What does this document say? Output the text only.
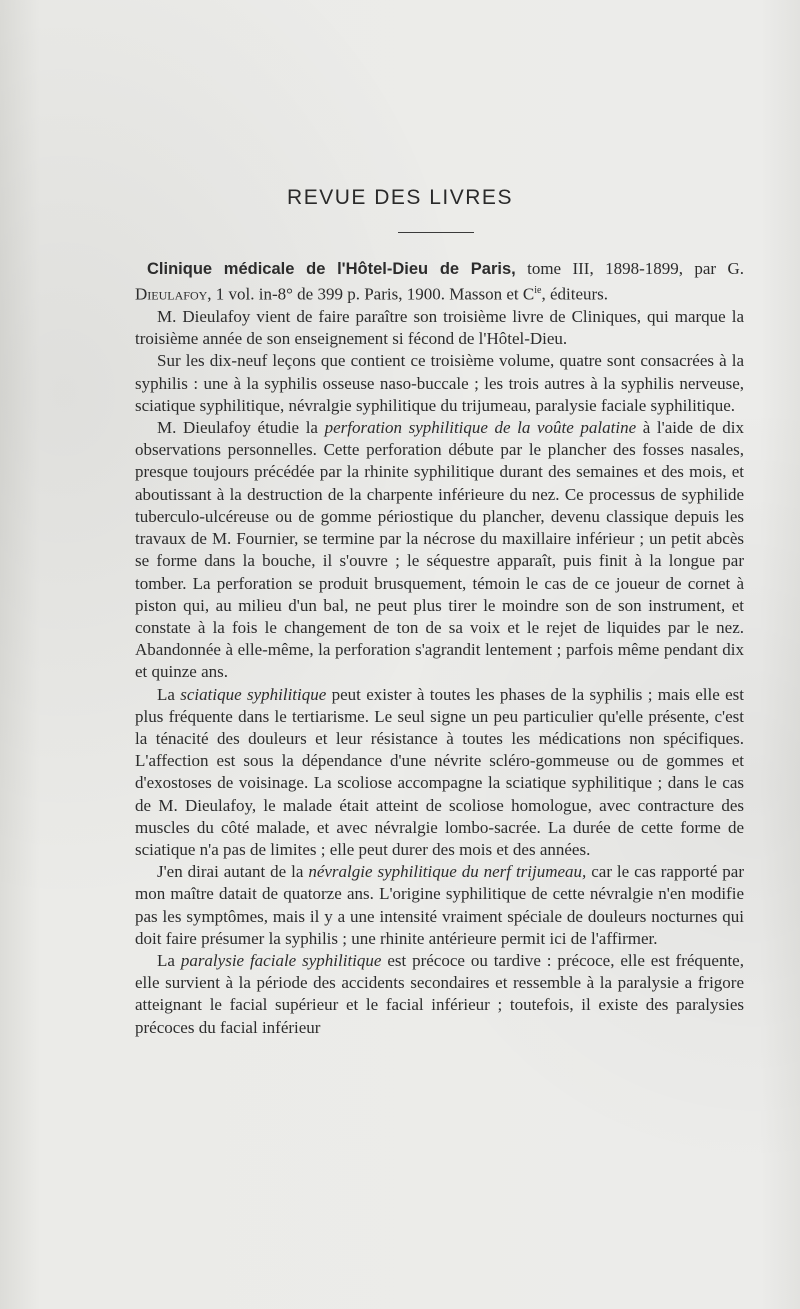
REVUE DES LIVRES

Clinique médicale de l'Hôtel-Dieu de Paris, tome III, 1898-1899, par G. Dieulafoy, 1 vol. in-8° de 399 p. Paris, 1900. Masson et $C^{ie}$, éditeurs.

M. Dieulafoy vient de faire paraître son troisième livre de Cliniques, qui marque la troisième année de son enseignement si fécond de l'Hôtel-Dieu.

Sur les dix-neuf leçons que contient ce troisième volume, quatre sont consacrées à la syphilis : une à la syphilis osseuse naso-buccale ; les trois autres à la syphilis nerveuse, sciatique syphilitique, névralgie syphilitique du trijumeau, paralysie faciale syphilitique.

M. Dieulafoy étudie la perforation syphilitique de la voûte palatine à l'aide de dix observations personnelles. Cette perforation débute par le plancher des fosses nasales, presque toujours précédée par la rhinite syphilitique durant des semaines et des mois, et aboutissant à la destruction de la charpente inférieure du nez. Ce processus de syphilide tuberculo-ulcéreuse ou de gomme périostique du plancher, devenu classique depuis les travaux de M. Fournier, se termine par la nécrose du maxillaire inférieur ; un petit abcès se forme dans la bouche, il s'ouvre ; le séquestre apparaît, puis finit à la longue par tomber. La perforation se produit brusquement, témoin le cas de ce joueur de cornet à piston qui, au milieu d'un bal, ne peut plus tirer le moindre son de son instrument, et constate à la fois le changement de ton de sa voix et le rejet de liquides par le nez. Abandonnée à elle-même, la perforation s'agrandit lentement ; parfois même pendant dix et quinze ans.

La sciatique syphilitique peut exister à toutes les phases de la syphilis ; mais elle est plus fréquente dans le tertiarisme. Le seul signe un peu particulier qu'elle présente, c'est la ténacité des douleurs et leur résistance à toutes les médications non spécifiques. L'affection est sous la dépendance d'une névrite scléro-gommeuse ou de gommes et d'exostoses de voisinage. La scoliose accompagne la sciatique syphilitique ; dans le cas de M. Dieulafoy, le malade était atteint de scoliose homologue, avec contracture des muscles du côté malade, et avec névralgie lombo-sacrée. La durée de cette forme de sciatique n'a pas de limites ; elle peut durer des mois et des années.

J'en dirai autant de la névralgie syphilitique du nerf trijumeau, car le cas rapporté par mon maître datait de quatorze ans. L'origine syphilitique de cette névralgie n'en modifie pas les symptômes, mais il y a une intensité vraiment spéciale de douleurs nocturnes qui doit faire présumer la syphilis ; une rhinite antérieure permit ici de l'affirmer.

La paralysie faciale syphilitique est précoce ou tardive : précoce, elle est fréquente, elle survient à la période des accidents secondaires et ressemble à la paralysie a frigore atteignant le facial supérieur et le facial inférieur ; toutefois, il existe des paralysies précoces du facial inférieur
